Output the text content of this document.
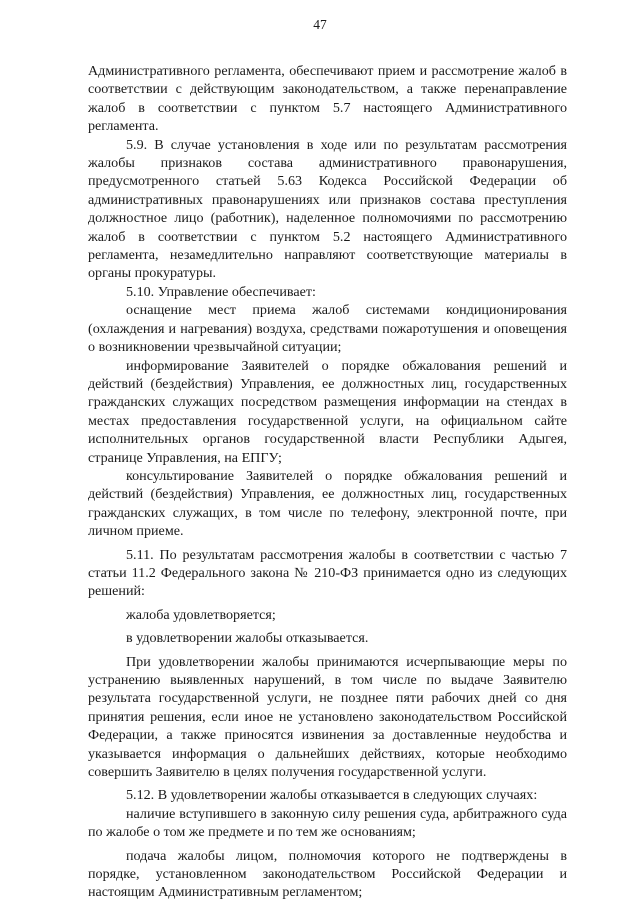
47

Административного регламента, обеспечивают прием и рассмотрение жалоб в соответствии с действующим законодательством, а также перенаправление жалоб в соответствии с пунктом 5.7 настоящего Административного регламента.

5.9. В случае установления в ходе или по результатам рассмотрения жалобы признаков состава административного правонарушения, предусмотренного статьей 5.63 Кодекса Российской Федерации об административных правонарушениях или признаков состава преступления должностное лицо (работник), наделенное полномочиями по рассмотрению жалоб в соответствии с пунктом 5.2 настоящего Административного регламента, незамедлительно направляют соответствующие материалы в органы прокуратуры.

5.10. Управление обеспечивает:

оснащение мест приема жалоб системами кондиционирования (охлаждения и нагревания) воздуха, средствами пожаротушения и оповещения о возникновении чрезвычайной ситуации;

информирование Заявителей о порядке обжалования решений и действий (бездействия) Управления, ее должностных лиц, государственных гражданских служащих посредством размещения информации на стендах в местах предоставления государственной услуги, на официальном сайте исполнительных органов государственной власти Республики Адыгея, странице Управления, на ЕПГУ;

консультирование Заявителей о порядке обжалования решений и действий (бездействия) Управления, ее должностных лиц, государственных гражданских служащих, в том числе по телефону, электронной почте, при личном приеме.

5.11. По результатам рассмотрения жалобы в соответствии с частью 7 статьи 11.2 Федерального закона № 210-ФЗ принимается одно из следующих решений:

жалоба удовлетворяется;

в удовлетворении жалобы отказывается.

При удовлетворении жалобы принимаются исчерпывающие меры по устранению выявленных нарушений, в том числе по выдаче Заявителю результата государственной услуги, не позднее пяти рабочих дней со дня принятия решения, если иное не установлено законодательством Российской Федерации, а также приносятся извинения за доставленные неудобства и указывается информация о дальнейших действиях, которые необходимо совершить Заявителю в целях получения государственной услуги.

5.12. В удовлетворении жалобы отказывается в следующих случаях:

наличие вступившего в законную силу решения суда, арбитражного суда по жалобе о том же предмете и по тем же основаниям;

подача жалобы лицом, полномочия которого не подтверждены в порядке, установленном законодательством Российской Федерации и настоящим Административным регламентом;
